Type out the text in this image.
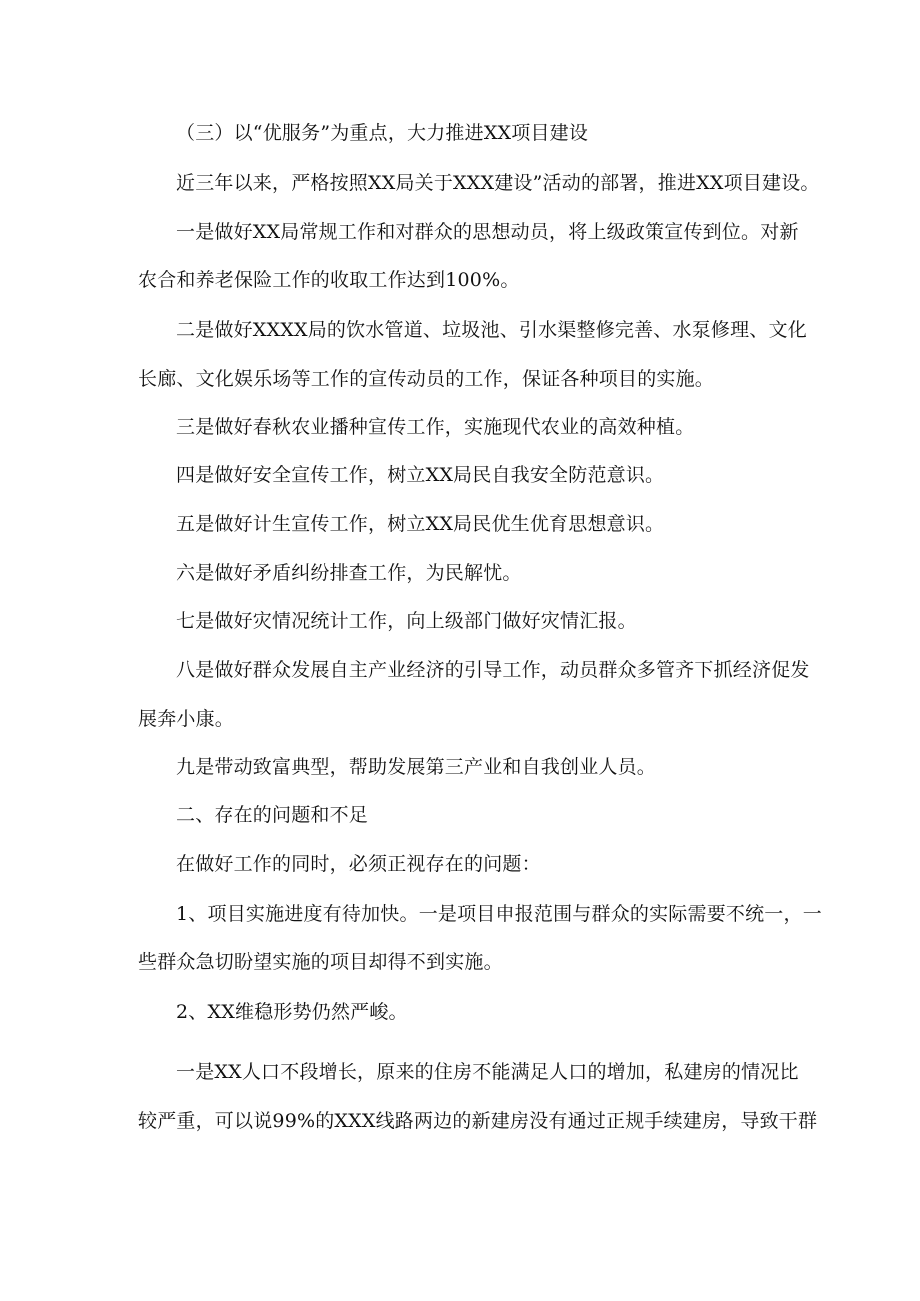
（三）以“优服务”为重点，大力推进XX项目建设
近三年以来，严格按照XX局关于XXX建设”活动的部署，推进XX项目建设。
一是做好XX局常规工作和对群众的思想动员，将上级政策宣传到位。对新
农合和养老保险工作的收取工作达到100%。
二是做好XXXX局的饮水管道、垃圾池、引水渠整修完善、水泵修理、文化
长廊、文化娱乐场等工作的宣传动员的工作，保证各种项目的实施。
三是做好春秋农业播种宣传工作，实施现代农业的高效种植。
四是做好安全宣传工作，树立XX局民自我安全防范意识。
五是做好计生宣传工作，树立XX局民优生优育思想意识。
六是做好矛盾纠纷排查工作，为民解忧。
七是做好灾情况统计工作，向上级部门做好灾情汇报。
八是做好群众发展自主产业经济的引导工作，动员群众多管齐下抓经济促发
展奔小康。
九是带动致富典型，帮助发展第三产业和自我创业人员。
二、存在的问题和不足
在做好工作的同时，必须正视存在的问题：
1、项目实施进度有待加快。一是项目申报范围与群众的实际需要不统一，一
些群众急切盼望实施的项目却得不到实施。
2、XX维稳形势仍然严峻。
一是XX人口不段增长，原来的住房不能满足人口的增加，私建房的情况比
较严重，可以说99%的XXX线路两边的新建房没有通过正规手续建房，导致干群
